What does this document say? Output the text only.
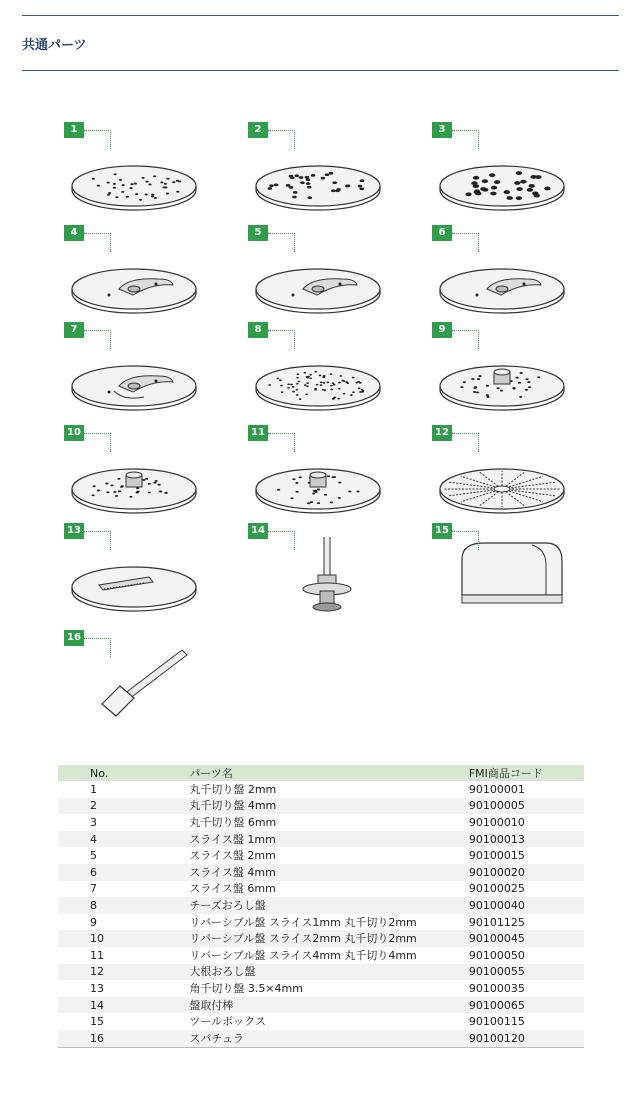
共通パーツ
1	2	3
4	5	6
7	8	9
10	11	12
13	14	15
16
No.	パーツ名	FMI商品コード
1	丸千切り盤 2mm	90100001
2	丸千切り盤 4mm	90100005
3	丸千切り盤 6mm	90100010
4	スライス盤 1mm	90100013
5	スライス盤 2mm	90100015
6	スライス盤 4mm	90100020
7	スライス盤 6mm	90100025
8	チーズおろし盤	90100040
9	リバーシブル盤 スライス1mm 丸千切り2mm	90101125
10	リバーシブル盤 スライス2mm 丸千切り2mm	90100045
11	リバーシブル盤 スライス4mm 丸千切り4mm	90100050
12	大根おろし盤	90100055
13	角千切り盤 3.5×4mm	90100035
14	盤取付棒	90100065
15	ツールボックス	90100115
16	スパチュラ	90100120
